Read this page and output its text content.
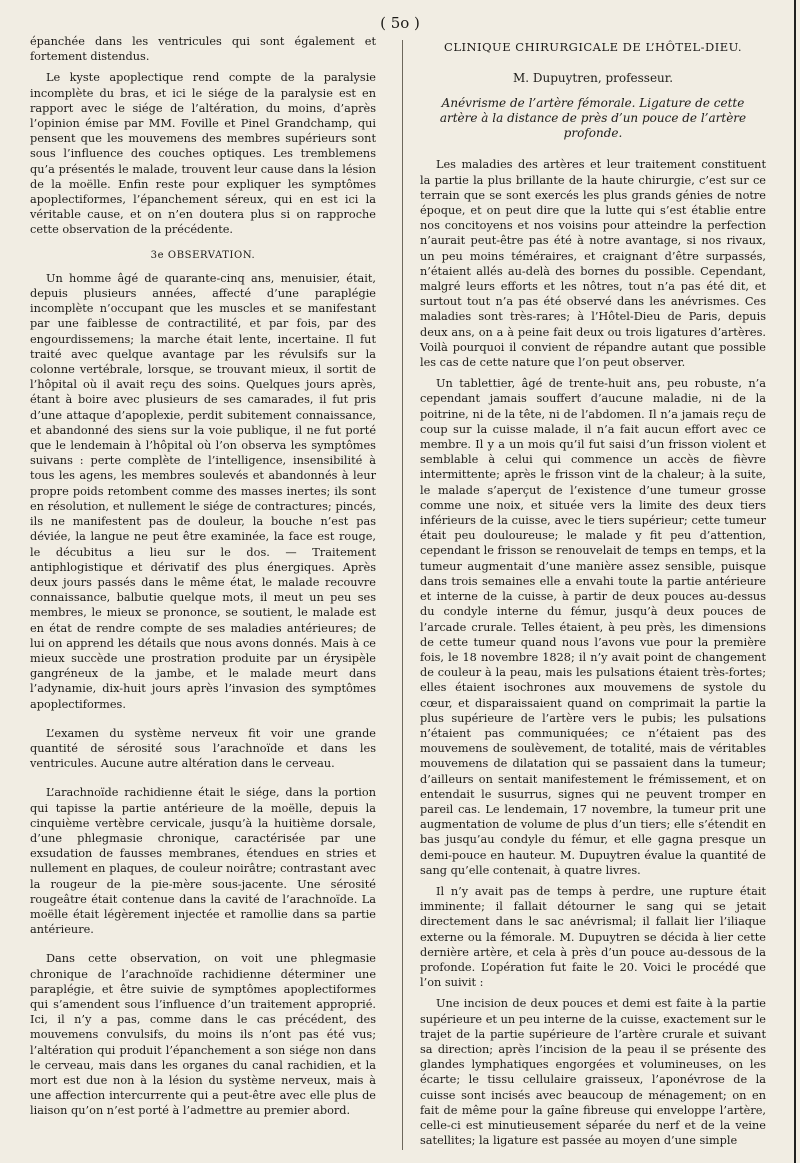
( 5o )

épanchée dans les ventricules qui sont également et fortement distendus.

Le kyste apoplectique rend compte de la paralysie incomplète du bras, et ici le siége de la paralysie est en rapport avec le siége de l’altération, du moins, d’après l’opinion émise par MM. Foville et Pinel Grandchamp, qui pensent que les mouvemens des membres supérieurs sont sous l’influence des couches optiques. Les tremblemens qu’a présentés le malade, trouvent leur cause dans la lésion de la moëlle. Enfin reste pour expliquer les symptômes apoplectiformes, l’épanchement séreux, qui en est ici la véritable cause, et on n’en doutera plus si on rapproche cette observation de la précédente.

3e OBSERVATION.

Un homme âgé de quarante-cinq ans, menuisier, était, depuis plusieurs années, affecté d’une paraplégie incomplète n’occupant que les muscles et se manifestant par une faiblesse de contractilité, et par fois, par des engourdissemens; la marche était lente, incertaine. Il fut traité avec quelque avantage par les révulsifs sur la colonne vertébrale, lorsque, se trouvant mieux, il sortit de l’hôpital où il avait reçu des soins. Quelques jours après, étant à boire avec plusieurs de ses camarades, il fut pris d’une attaque d’apoplexie, perdit subitement connaissance, et abandonné des siens sur la voie publique, il ne fut porté que le lendemain à l’hôpital où l’on observa les symptômes suivans : perte complète de l’intelligence, insensibilité à tous les agens, les membres soulevés et abandonnés à leur propre poids retombent comme des masses inertes; ils sont en résolution, et nullement le siége de contractures; pincés, ils ne manifestent pas de douleur, la bouche n’est pas déviée, la langue ne peut être examinée, la face est rouge, le décubitus a lieu sur le dos. — Traitement antiphlogistique et dérivatif des plus énergiques. Après deux jours passés dans le même état, le malade recouvre connaissance, balbutie quelque mots, il meut un peu ses membres, le mieux se prononce, se soutient, le malade est en état de rendre compte de ses maladies antérieures; de lui on apprend les détails que nous avons donnés. Mais à ce mieux succède une prostration produite par un érysipèle gangréneux de la jambe, et le malade meurt dans l’adynamie, dix-huit jours après l’invasion des symptômes apoplectiformes.

L’examen du système nerveux fit voir une grande quantité de sérosité sous l’arachnoïde et dans les ventricules. Aucune autre altération dans le cerveau.

L’arachnoïde rachidienne était le siége, dans la portion qui tapisse la partie antérieure de la moëlle, depuis la cinquième vertèbre cervicale, jusqu’à la huitième dorsale, d’une phlegmasie chronique, caractérisée par une exsudation de fausses membranes, étendues en stries et nullement en plaques, de couleur noirâtre; contrastant avec la rougeur de la pie-mère sous-jacente. Une sérosité rougeâtre était contenue dans la cavité de l’arachnoïde. La moëlle était légèrement injectée et ramollie dans sa partie antérieure.

Dans cette observation, on voit une phlegmasie chronique de l’arachnoïde rachidienne déterminer une paraplégie, et être suivie de symptômes apoplectiformes qui s’amendent sous l’influence d’un traitement approprié. Ici, il n’y a pas, comme dans le cas précédent, des mouvemens convulsifs, du moins ils n’ont pas été vus; l’altération qui produit l’épanchement a son siége non dans le cerveau, mais dans les organes du canal rachidien, et la mort est due non à la lésion du système nerveux, mais à une affection intercurrente qui a peut-être avec elle plus de liaison qu’on n’est porté à l’admettre au premier abord.

CLINIQUE CHIRURGICALE DE L’HÔTEL-DIEU.
M. Dupuytren, professeur.
Anévrisme de l’artère fémorale. Ligature de cette artère à la distance de près d’un pouce de l’artère profonde.

Les maladies des artères et leur traitement constituent la partie la plus brillante de la haute chirurgie, c’est sur ce terrain que se sont exercés les plus grands génies de notre époque, et on peut dire que la lutte qui s’est établie entre nos concitoyens et nos voisins pour atteindre la perfection n’aurait peut-être pas été à notre avantage, si nos rivaux, un peu moins téméraires, et craignant d’être surpassés, n’étaient allés au-delà des bornes du possible. Cependant, malgré leurs efforts et les nôtres, tout n’a pas été dit, et surtout tout n’a pas été observé dans les anévrismes. Ces maladies sont très-rares; à l’Hôtel-Dieu de Paris, depuis deux ans, on a à peine fait deux ou trois ligatures d’artères. Voilà pourquoi il convient de répandre autant que possible les cas de cette nature que l’on peut observer.

Un tablettier, âgé de trente-huit ans, peu robuste, n’a cependant jamais souffert d’aucune maladie, ni de la poitrine, ni de la tête, ni de l’abdomen. Il n’a jamais reçu de coup sur la cuisse malade, il n’a fait aucun effort avec ce membre. Il y a un mois qu’il fut saisi d’un frisson violent et semblable à celui qui commence un accès de fièvre intermittente; après le frisson vint de la chaleur; à la suite, le malade s’aperçut de l’existence d’une tumeur grosse comme une noix, et située vers la limite des deux tiers inférieurs de la cuisse, avec le tiers supérieur; cette tumeur était peu douloureuse; le malade y fit peu d’attention, cependant le frisson se renouvelait de temps en temps, et la tumeur augmentait d’une manière assez sensible, puisque dans trois semaines elle a envahi toute la partie antérieure et interne de la cuisse, à partir de deux pouces au-dessus du condyle interne du fémur, jusqu’à deux pouces de l’arcade crurale. Telles étaient, à peu près, les dimensions de cette tumeur quand nous l’avons vue pour la première fois, le 18 novembre 1828; il n’y avait point de changement de couleur à la peau, mais les pulsations étaient très-fortes; elles étaient isochrones aux mouvemens de systole du cœur, et disparaissaient quand on comprimait la partie la plus supérieure de l’artère vers le pubis; les pulsations n’étaient pas communiquées; ce n’étaient pas des mouvemens de soulèvement, de totalité, mais de véritables mouvemens de dilatation qui se passaient dans la tumeur; d’ailleurs on sentait manifestement le frémissement, et on entendait le susurrus, signes qui ne peuvent tromper en pareil cas. Le lendemain, 17 novembre, la tumeur prit une augmentation de volume de plus d’un tiers; elle s’étendit en bas jusqu’au condyle du fémur, et elle gagna presque un demi-pouce en hauteur. M. Dupuytren évalue la quantité de sang qu’elle contenait, à quatre livres.

Il n’y avait pas de temps à perdre, une rupture était imminente; il fallait détourner le sang qui se jetait directement dans le sac anévrismal; il fallait lier l’iliaque externe ou la fémorale. M. Dupuytren se décida à lier cette dernière artère, et cela à près d’un pouce au-dessous de la profonde. L’opération fut faite le 20. Voici le procédé que l’on suivit :

Une incision de deux pouces et demi est faite à la partie supérieure et un peu interne de la cuisse, exactement sur le trajet de la partie supérieure de l’artère crurale et suivant sa direction; après l’incision de la peau il se présente des glandes lymphatiques engorgées et volumineuses, on les écarte; le tissu cellulaire graisseux, l’aponévrose de la cuisse sont incisés avec beaucoup de ménagement; on en fait de même pour la gaîne fibreuse qui enveloppe l’artère, celle-ci est minutieusement séparée du nerf et de la veine satellites; la ligature est passée au moyen d’une simple
